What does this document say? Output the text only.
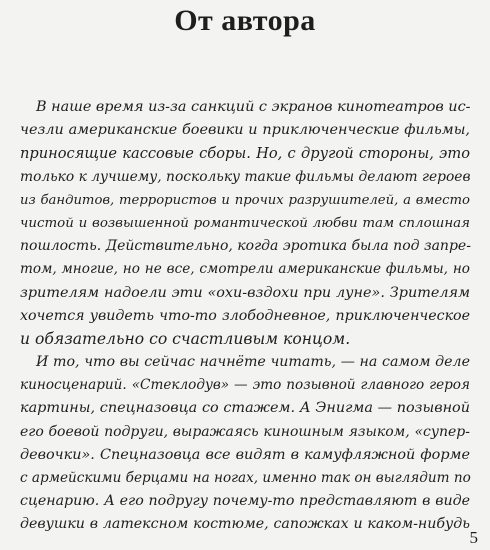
От автора
В наше время из-за санкций с экранов кинотеатров ис-
чезли американские боевики и приключенческие фильмы,
приносящие кассовые сборы. Но, с другой стороны, это
только к лучшему, поскольку такие фильмы делают героев
из бандитов, террористов и прочих разрушителей, а вместо
чистой и возвышенной романтической любви там сплошная
пошлость. Действительно, когда эротика была под запре-
том, многие, но не все, смотрели американские фильмы, но
зрителям надоели эти «охи-вздохи при луне». Зрителям
хочется увидеть что-то злободневное, приключенческое
и обязательно со счастливым концом.
И то, что вы сейчас начнёте читать, — на самом деле
киносценарий. «Стеклодув» — это позывной главного героя
картины, спецназовца со стажем. А Энигма — позывной
его боевой подруги, выражаясь киношным языком, «супер-
девочки». Спецназовца все видят в камуфляжной форме
с армейскими берцами на ногах, именно так он выглядит по
сценарию. А его подругу почему-то представляют в виде
девушки в латексном костюме, сапожках и каком-нибудь
5
